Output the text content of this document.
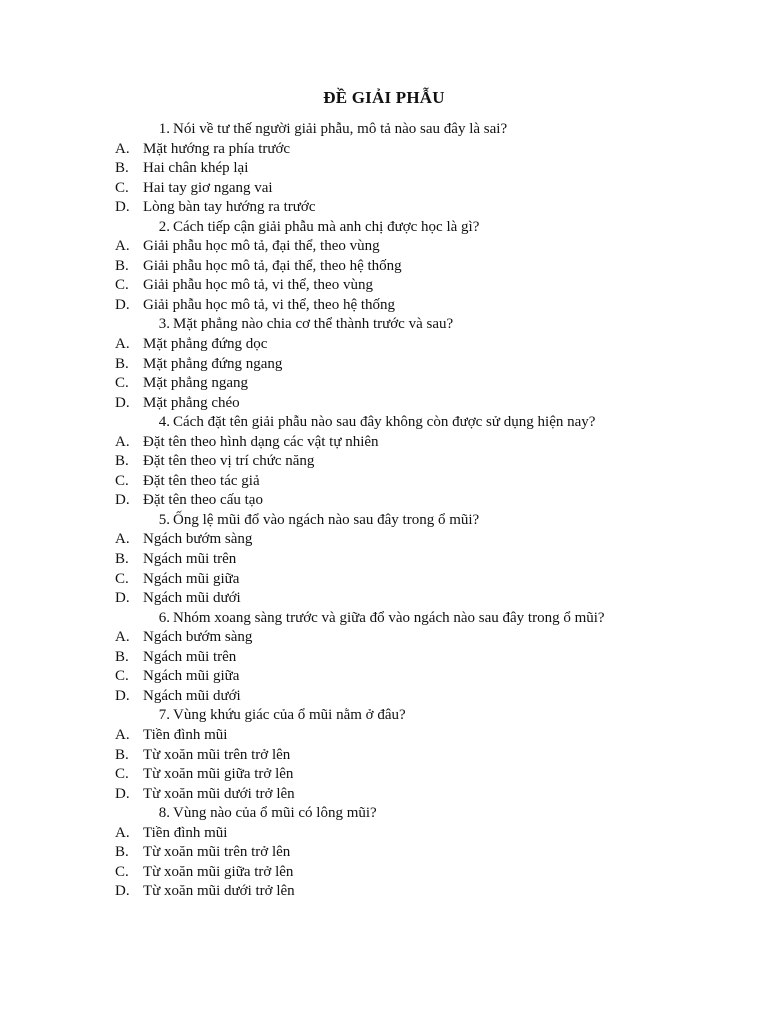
ĐỀ GIẢI PHẪU
1. Nói về tư thế người giải phẫu, mô tả nào sau đây là sai?
A. Mặt hướng ra phía trước
B. Hai chân khép lại
C. Hai tay giơ ngang vai
D. Lòng bàn tay hướng ra trước
2. Cách tiếp cận giải phẫu mà anh chị được học là gì?
A. Giải phẫu học mô tả, đại thể, theo vùng
B. Giải phẫu học mô tả, đại thể, theo hệ thống
C. Giải phẫu học mô tả, vi thể, theo vùng
D. Giải phẫu học mô tả, vi thể, theo hệ thống
3. Mặt phẳng nào chia cơ thể thành trước và sau?
A. Mặt phẳng đứng dọc
B. Mặt phẳng đứng ngang
C. Mặt phẳng ngang
D. Mặt phẳng chéo
4. Cách đặt tên giải phẫu nào sau đây không còn được sử dụng hiện nay?
A. Đặt tên theo hình dạng các vật tự nhiên
B. Đặt tên theo vị trí chức năng
C. Đặt tên theo tác giả
D. Đặt tên theo cấu tạo
5. Ống lệ mũi đổ vào ngách nào sau đây trong ổ mũi?
A. Ngách bướm sàng
B. Ngách mũi trên
C. Ngách mũi giữa
D. Ngách mũi dưới
6. Nhóm xoang sàng trước và giữa đổ vào ngách nào sau đây trong ổ mũi?
A. Ngách bướm sàng
B. Ngách mũi trên
C. Ngách mũi giữa
D. Ngách mũi dưới
7. Vùng khứu giác của ổ mũi nằm ở đâu?
A. Tiền đình mũi
B. Từ xoăn mũi trên trở lên
C. Từ xoăn mũi giữa trở lên
D. Từ xoăn mũi dưới trở lên
8. Vùng nào của ổ mũi có lông mũi?
A. Tiền đình mũi
B. Từ xoăn mũi trên trở lên
C. Từ xoăn mũi giữa trở lên
D. Từ xoăn mũi dưới trở lên
